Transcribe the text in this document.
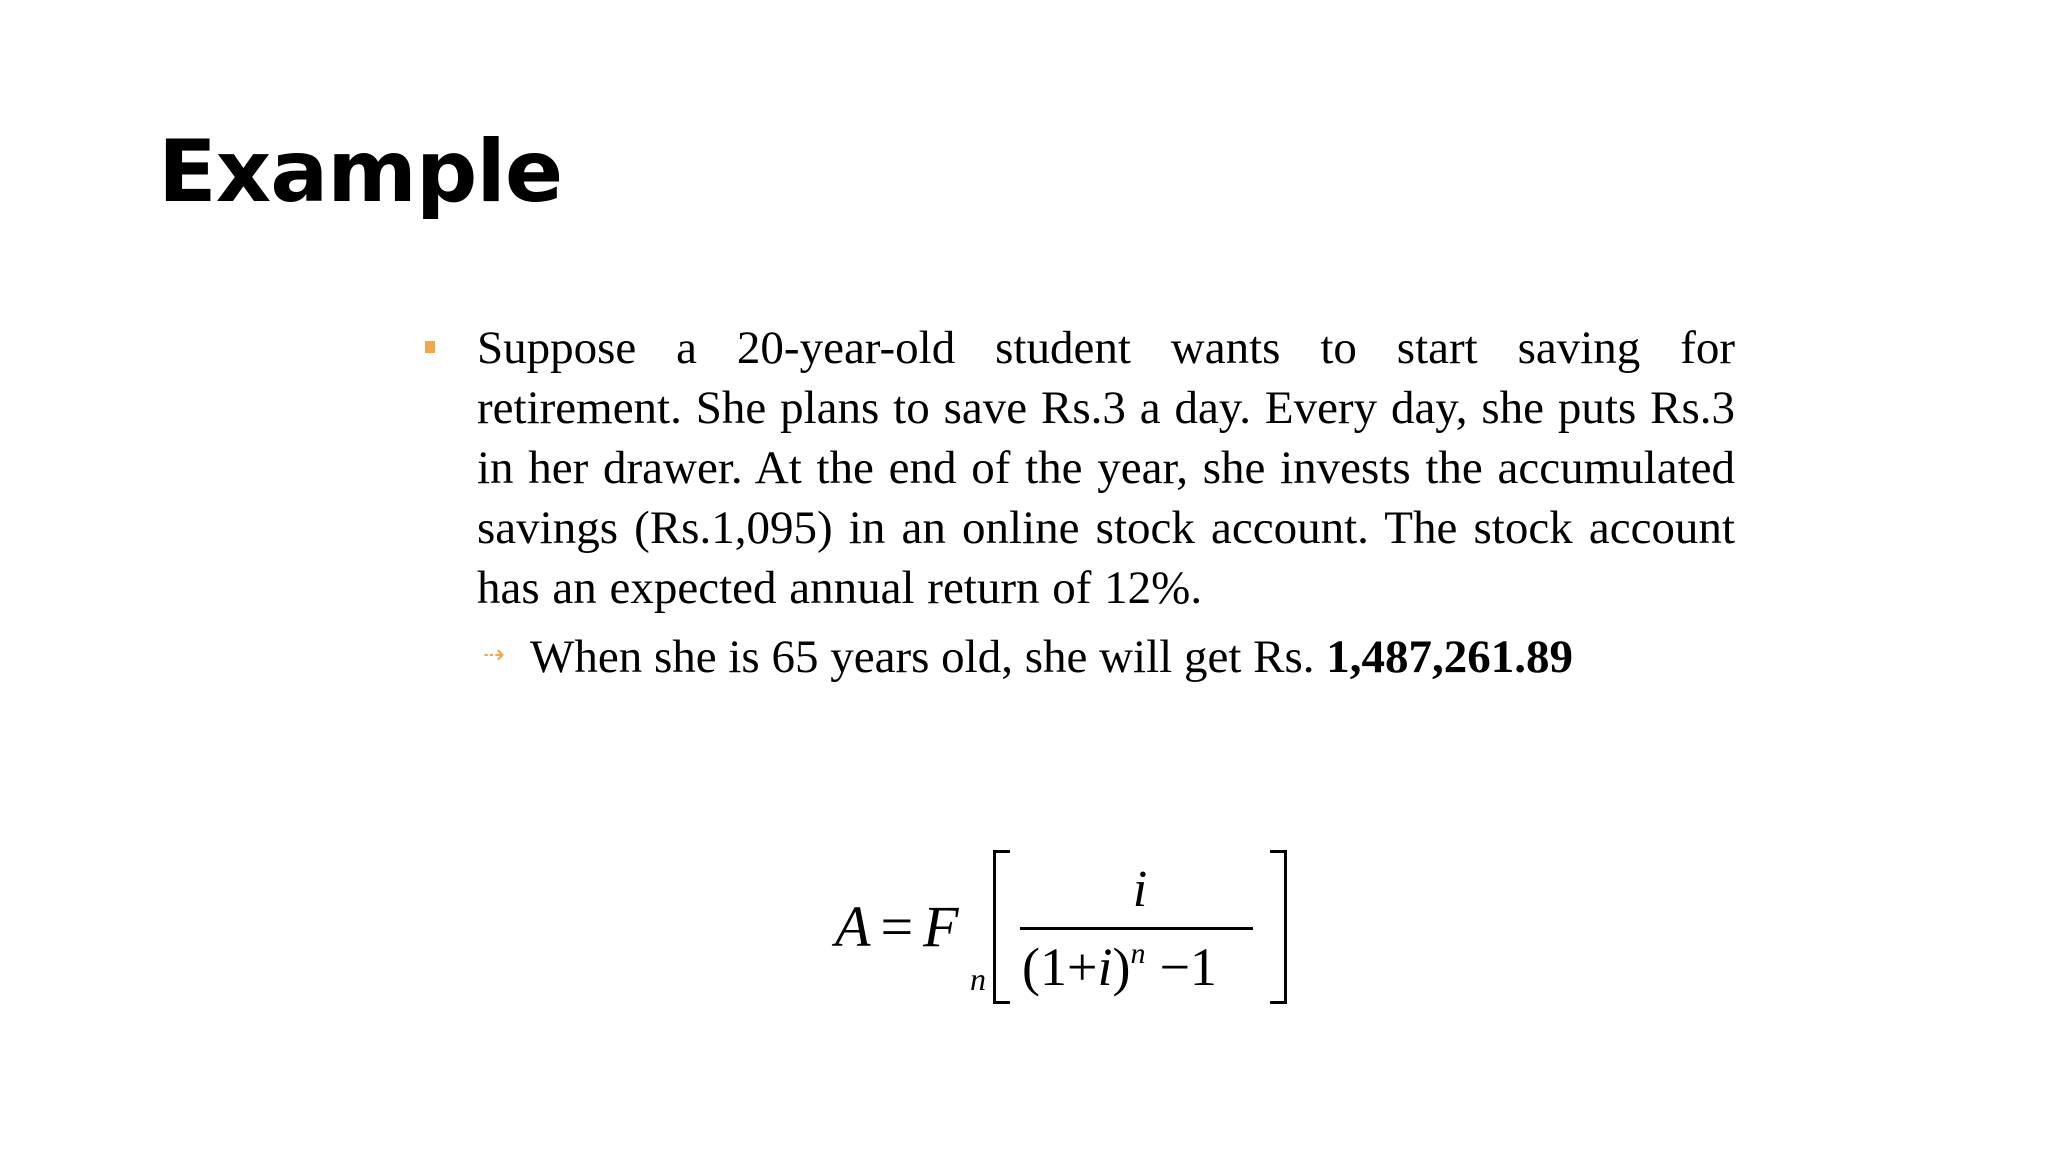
Example
Suppose a 20-year-old student wants to start saving for retirement. She plans to save Rs.3 a day. Every day, she puts Rs.3 in her drawer. At the end of the year, she invests the accumulated savings (Rs.1,095) in an online stock account. The stock account has an expected annual return of 12%.
⇢ When she is 65 years old, she will get Rs. 1,487,261.89
A = F
n
i
$(1+i)^n -1$
